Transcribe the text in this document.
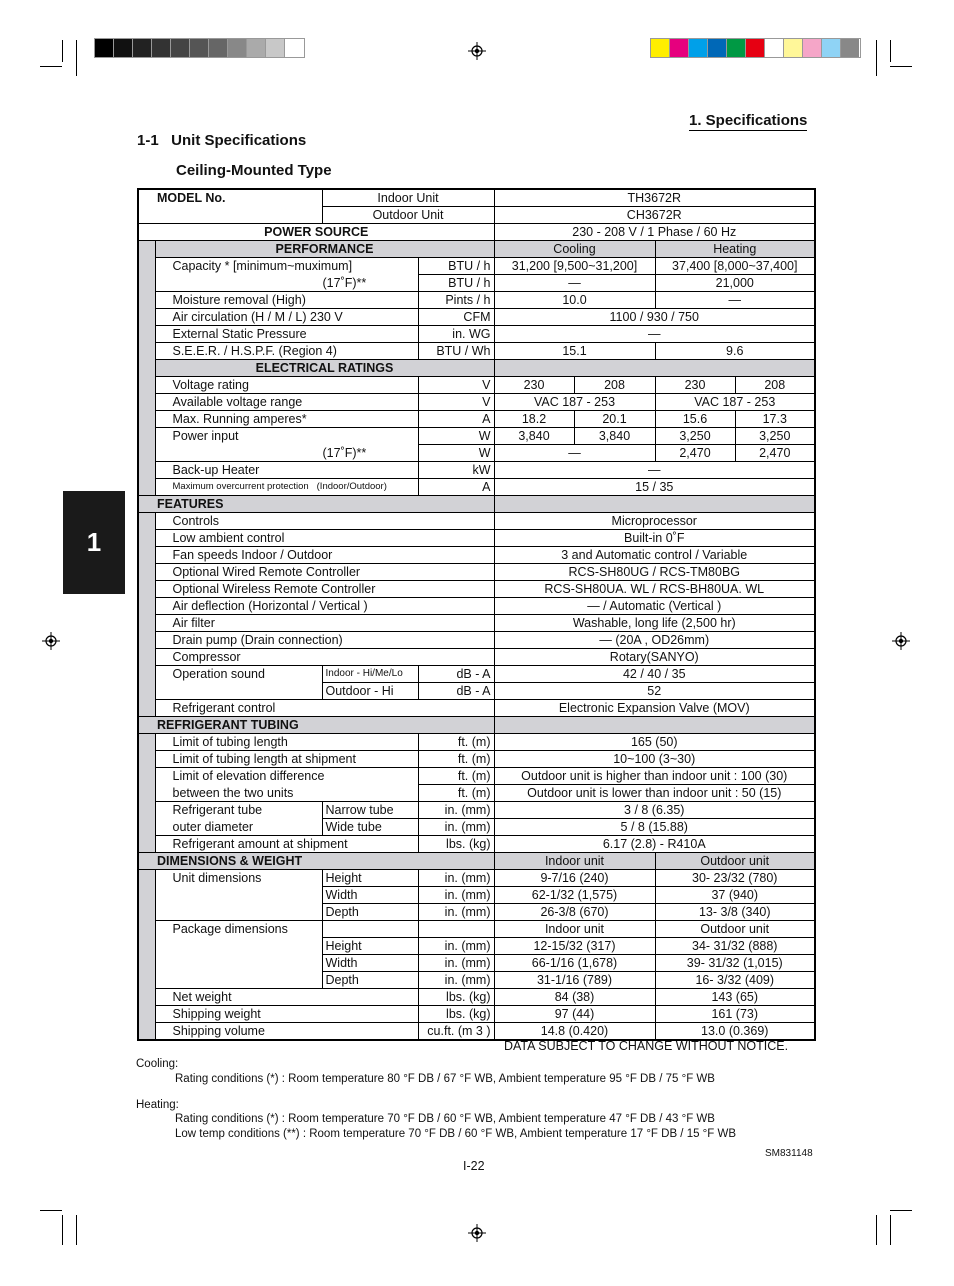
1
1. Specifications
1-1   Unit Specifications
Ceiling-Mounted Type
MODEL No.		Indoor Unit		TH3672R			
		Outdoor Unit		CH3672R			
POWER SOURCE				230 - 208 V / 1 Phase / 60 Hz			
	PERFORMANCE			Cooling		Heating	
	Capacity * [minimum~muximum]		BTU / h	31,200 [9,500~31,200]		37,400 [8,000~37,400]	
	(17˚F)**		BTU / h	—		21,000	
	Moisture removal (High)		Pints / h	10.0		—	
	Air circulation (H / M / L) 230 V		CFM	1100 / 930 / 750			
	External Static Pressure		in. WG	—			
	S.E.E.R. / H.S.P.F. (Region 4)		BTU / Wh	15.1		9.6	
	ELECTRICAL RATINGS						
	Voltage rating		V	230	208	230	208
	Available voltage range		V	VAC 187 - 253		VAC 187 - 253	
	Max. Running amperes*		A	18.2	20.1	15.6	17.3
	Power input		W	3,840	3,840	3,250	3,250
	(17˚F)**		W	—		2,470	2,470
	Back-up Heater		kW	—			
	Maximum overcurrent protection (Indoor/Outdoor)		A	15 / 35			
FEATURES							
	Controls			Microprocessor			
	Low ambient control			Built-in 0˚F			
	Fan speeds Indoor / Outdoor			3 and Automatic control / Variable			
	Optional Wired Remote Controller			RCS-SH80UG / RCS-TM80BG			
	Optional Wireless Remote Controller			RCS-SH80UA. WL / RCS-BH80UA. WL			
	Air deflection (Horizontal / Vertical )			— / Automatic (Vertical )			
	Air filter			Washable, long life (2,500 hr)			
	Drain pump (Drain connection)			— (20A , OD26mm)			
	Compressor			Rotary(SANYO)			
	Operation sound	Indoor - Hi/Me/Lo	dB - A	42 / 40 / 35			
		Outdoor - Hi	dB - A	52			
	Refrigerant control			Electronic Expansion Valve (MOV)			
REFRIGERANT TUBING							
	Limit of tubing length		ft. (m)	165 (50)			
	Limit of tubing length at shipment		ft. (m)	10~100 (3~30)			
	Limit of elevation difference		ft. (m)	Outdoor unit is higher than indoor unit : 100 (30)			
	between the two units		ft. (m)	Outdoor unit is lower than indoor unit : 50 (15)			
	Refrigerant tube	Narrow tube	in. (mm)	3 / 8 (6.35)			
	outer diameter	Wide tube	in. (mm)	5 / 8 (15.88)			
	Refrigerant amount at shipment		lbs. (kg)	6.17 (2.8) - R410A			
DIMENSIONS & WEIGHT				Indoor unit		Outdoor unit	
	Unit dimensions	Height	in. (mm)	9-7/16 (240)		30- 23/32 (780)	
		Width	in. (mm)	62-1/32 (1,575)		37 (940)	
		Depth	in. (mm)	26-3/8 (670)		13- 3/8 (340)	
	Package dimensions			Indoor unit		Outdoor unit	
		Height	in. (mm)	12-15/32 (317)		34- 31/32 (888)	
		Width	in. (mm)	66-1/16 (1,678)		39- 31/32 (1,015)	
		Depth	in. (mm)	31-1/16 (789)		16- 3/32 (409)	
	Net weight		lbs. (kg)	84 (38)		143 (65)	
	Shipping weight		lbs. (kg)	97 (44)		161 (73)	
	Shipping volume		cu.ft. (m 3 )	14.8 (0.420)		13.0 (0.369)	
DATA SUBJECT TO CHANGE WITHOUT NOTICE.
Cooling:
Rating conditions (*) : Room temperature 80 °F DB / 67 °F WB, Ambient temperature 95 °F DB / 75 °F WB
Heating:
Rating conditions (*) : Room temperature 70 °F DB / 60 °F WB, Ambient temperature 47 °F DB / 43 °F WB
Low temp conditions (**) : Room temperature 70 °F DB / 60 °F WB, Ambient temperature 17 °F DB / 15 °F WB
SM831148
I-22
